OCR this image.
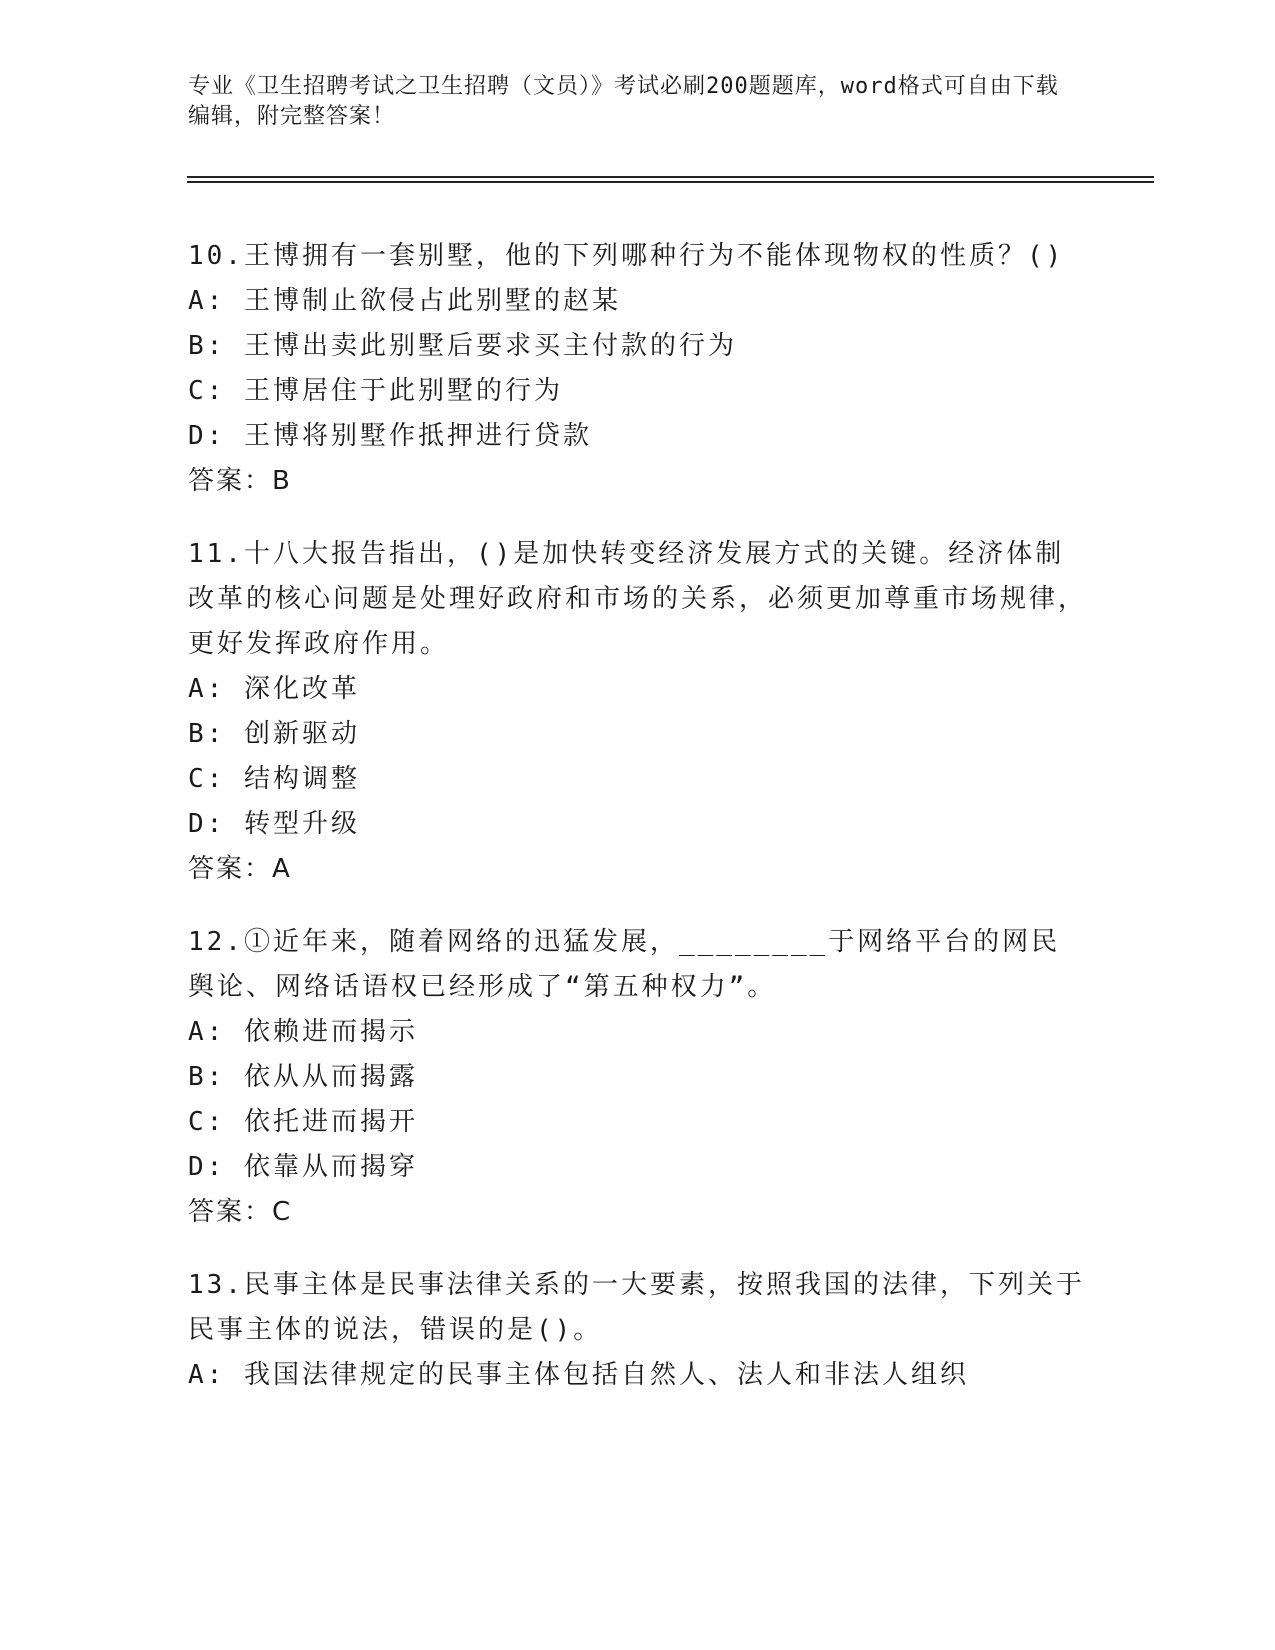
专业《卫生招聘考试之卫生招聘（文员）》考试必刷200题题库，word格式可自由下载编辑，附完整答案！
10.王博拥有一套别墅，他的下列哪种行为不能体现物权的性质？()
A: 王博制止欲侵占此别墅的赵某
B: 王博出卖此别墅后要求买主付款的行为
C: 王博居住于此别墅的行为
D: 王博将别墅作抵押进行贷款
答案：B
11.十八大报告指出，()是加快转变经济发展方式的关键。经济体制改革的核心问题是处理好政府和市场的关系，必须更加尊重市场规律，更好发挥政府作用。
A: 深化改革
B: 创新驱动
C: 结构调整
D: 转型升级
答案：A
12.①近年来，随着网络的迅猛发展，________于网络平台的网民舆论、网络话语权已经形成了“第五种权力”。
A: 依赖进而揭示
B: 依从从而揭露
C: 依托进而揭开
D: 依靠从而揭穿
答案：C
13.民事主体是民事法律关系的一大要素，按照我国的法律，下列关于民事主体的说法，错误的是()。
A: 我国法律规定的民事主体包括自然人、法人和非法人组织
